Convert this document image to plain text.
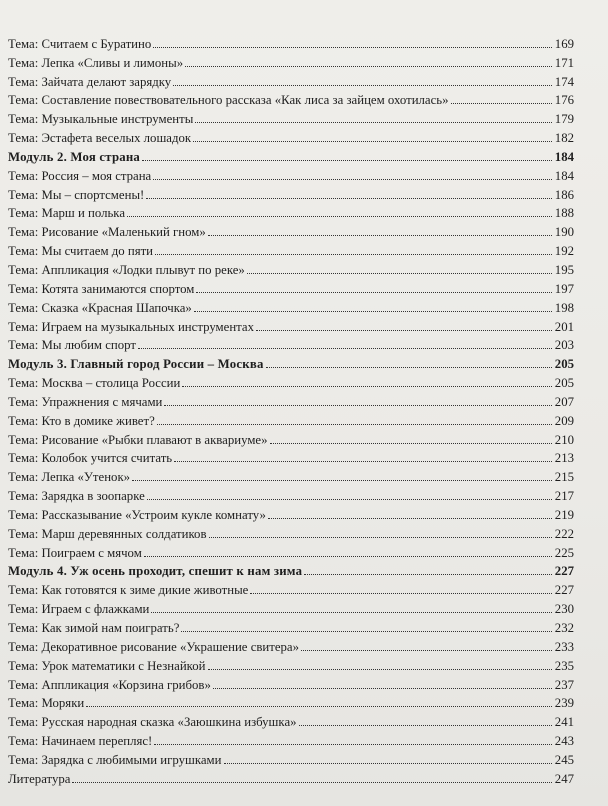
Тема: Считаем с Буратино	169
Тема: Лепка «Сливы и лимоны»	171
Тема: Зайчата делают зарядку	174
Тема: Составление повествовательного рассказа «Как лиса за зайцем охотилась»	176
Тема: Музыкальные инструменты	179
Тема: Эстафета веселых лошадок	182
Модуль 2. Моя страна	184
Тема: Россия – моя страна	184
Тема: Мы – спортсмены!	186
Тема: Марш и полька	188
Тема: Рисование «Маленький гном»	190
Тема: Мы считаем до пяти	192
Тема: Аппликация «Лодки плывут по реке»	195
Тема: Котята занимаются спортом	197
Тема: Сказка «Красная Шапочка»	198
Тема: Играем на музыкальных инструментах	201
Тема: Мы любим спорт	203
Модуль 3. Главный город России – Москва	205
Тема: Москва – столица России	205
Тема: Упражнения с мячами	207
Тема: Кто в домике живет?	209
Тема: Рисование «Рыбки плавают в аквариуме»	210
Тема: Колобок учится считать	213
Тема: Лепка «Утенок»	215
Тема: Зарядка в зоопарке	217
Тема: Рассказывание «Устроим кукле комнату»	219
Тема: Марш деревянных солдатиков	222
Тема: Поиграем с мячом	225
Модуль 4. Уж осень проходит, спешит к нам зима	227
Тема: Как готовятся к зиме дикие животные	227
Тема: Играем с флажками	230
Тема: Как зимой нам поиграть?	232
Тема: Декоративное рисование «Украшение свитера»	233
Тема: Урок математики с Незнайкой	235
Тема: Аппликация «Корзина грибов»	237
Тема: Моряки	239
Тема: Русская народная сказка «Заюшкина избушка»	241
Тема: Начинаем перепляс!	243
Тема: Зарядка с любимыми игрушками	245
Литература	247
